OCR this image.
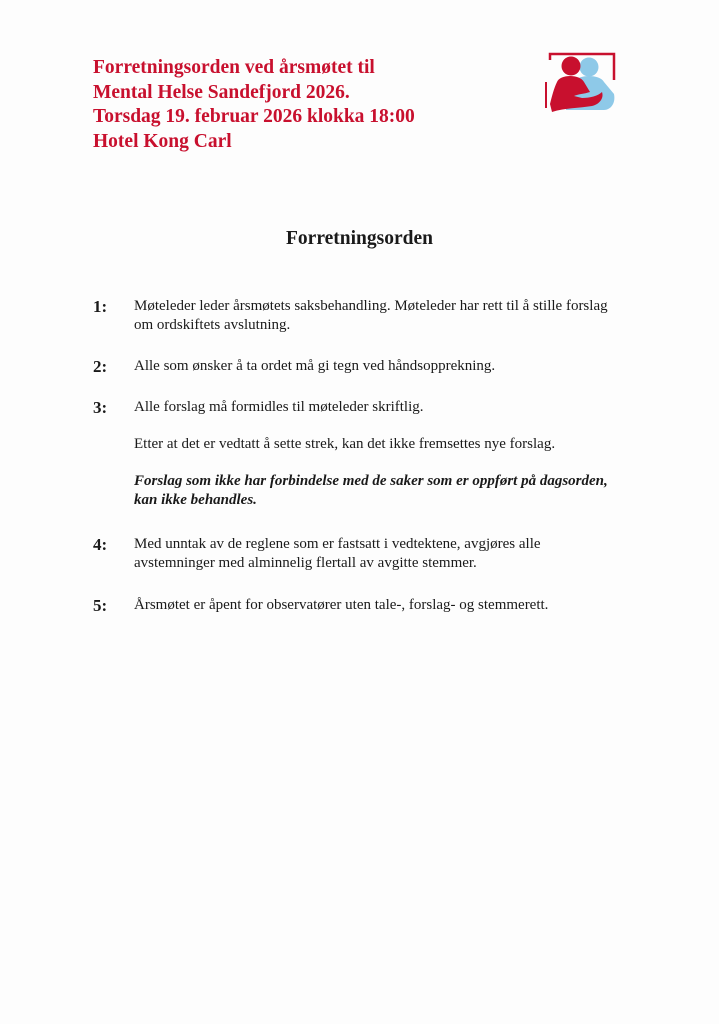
Forretningsorden ved årsmøtet til
Mental Helse Sandefjord 2026.
Torsdag 19. februar 2026 klokka 18:00
Hotel Kong Carl
Forretningsorden
1: Møteleder leder årsmøtets saksbehandling. Møteleder har rett til å stille forslag om ordskiftets avslutning.

2: Alle som ønsker å ta ordet må gi tegn ved håndsopprekning.

3: Alle forslag må formidles til møteleder skriftlig.

Etter at det er vedtatt å sette strek, kan det ikke fremsettes nye forslag.

Forslag som ikke har forbindelse med de saker som er oppført på dagsorden, kan ikke behandles.

4: Med unntak av de reglene som er fastsatt i vedtektene, avgjøres alle avstemninger med alminnelig flertall av avgitte stemmer.

5: Årsmøtet er åpent for observatører uten tale-, forslag- og stemmerett.
